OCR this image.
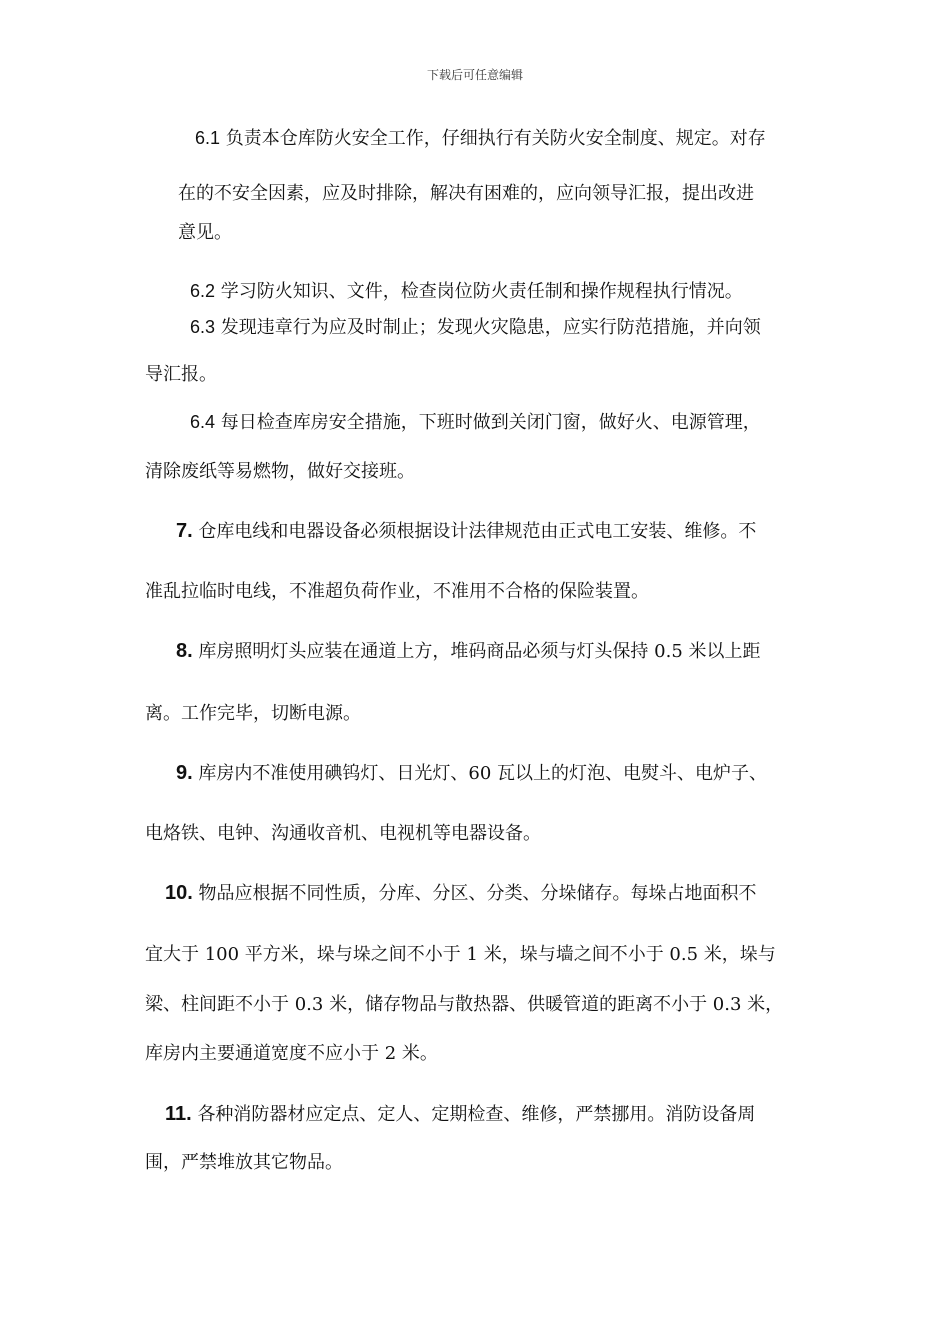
下载后可任意编辑
6.1 负责本仓库防火安全工作，仔细执行有关防火安全制度、规定。对存
在的不安全因素，应及时排除，解决有困难的，应向领导汇报，提出改进
意见。
6.2 学习防火知识、文件，检查岗位防火责任制和操作规程执行情况。
6.3 发现违章行为应及时制止；发现火灾隐患，应实行防范措施，并向领
导汇报。
6.4 每日检查库房安全措施，下班时做到关闭门窗，做好火、电源管理，
清除废纸等易燃物，做好交接班。
7. 仓库电线和电器设备必须根据设计法律规范由正式电工安装、维修。不
准乱拉临时电线，不准超负荷作业，不准用不合格的保险装置。
8. 库房照明灯头应装在通道上方，堆码商品必须与灯头保持 0.5 米以上距
离。工作完毕，切断电源。
9. 库房内不准使用碘钨灯、日光灯、60 瓦以上的灯泡、电熨斗、电炉子、
电烙铁、电钟、沟通收音机、电视机等电器设备。
10. 物品应根据不同性质，分库、分区、分类、分垛储存。每垛占地面积不
宜大于 100 平方米，垛与垛之间不小于 1 米，垛与墙之间不小于 0.5 米，垛与
梁、柱间距不小于 0.3 米，储存物品与散热器、供暖管道的距离不小于 0.3 米，
库房内主要通道宽度不应小于 2 米。
11. 各种消防器材应定点、定人、定期检查、维修，严禁挪用。消防设备周
围，严禁堆放其它物品。
